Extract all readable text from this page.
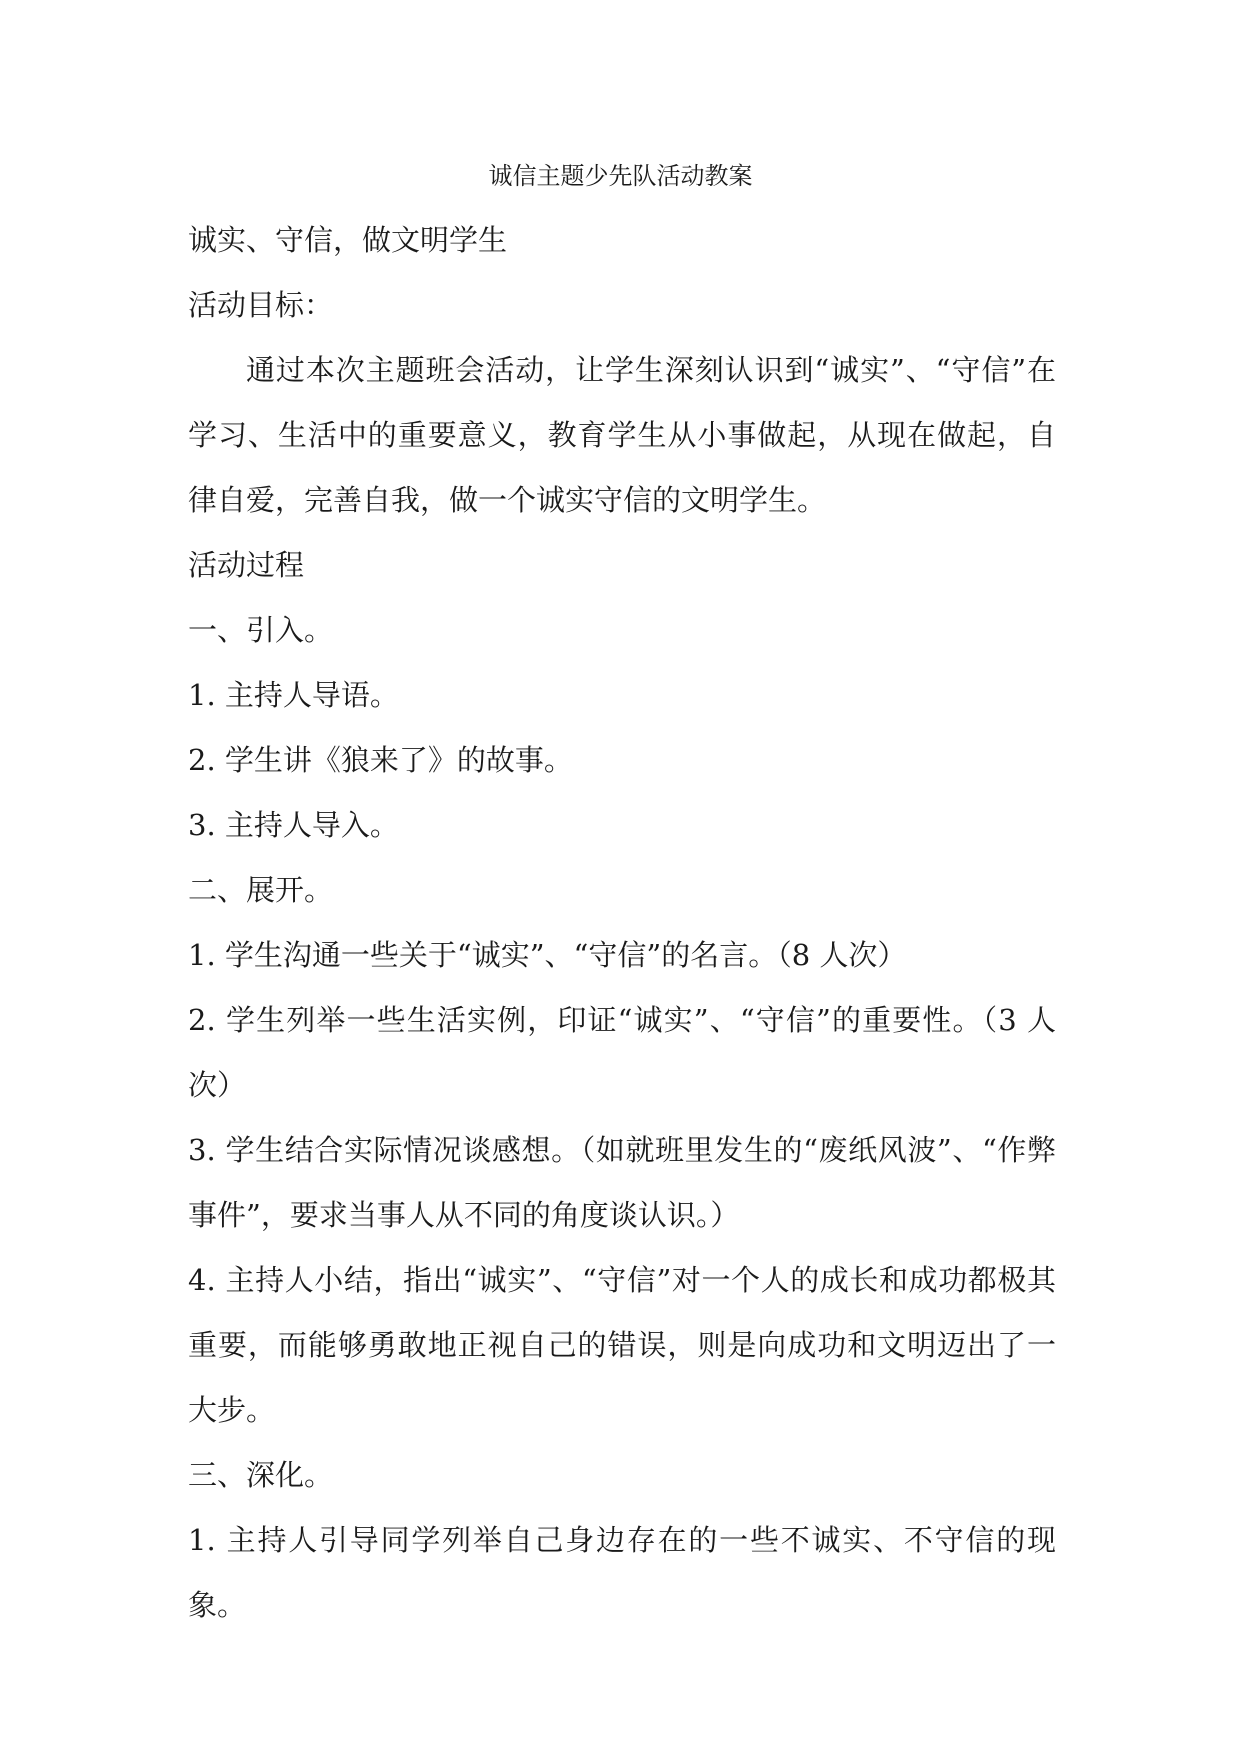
诚信主题少先队活动教案

诚实、守信，做文明学生

活动目标：

通过本次主题班会活动，让学生深刻认识到“诚实”、“守信”在学习、生活中的重要意义，教育学生从小事做起，从现在做起，自律自爱，完善自我，做一个诚实守信的文明学生。

活动过程

一、引入。

1. 主持人导语。

2. 学生讲《狼来了》的故事。

3. 主持人导入。

二、展开。

1. 学生沟通一些关于“诚实”、“守信”的名言。（8 人次）

2. 学生列举一些生活实例，印证“诚实”、“守信”的重要性。（3 人次）

3. 学生结合实际情况谈感想。（如就班里发生的“废纸风波”、“作弊事件”，要求当事人从不同的角度谈认识。）

4. 主持人小结，指出“诚实”、“守信”对一个人的成长和成功都极其重要，而能够勇敢地正视自己的错误，则是向成功和文明迈出了一大步。

三、深化。

1. 主持人引导同学列举自己身边存在的一些不诚实、不守信的现象。
